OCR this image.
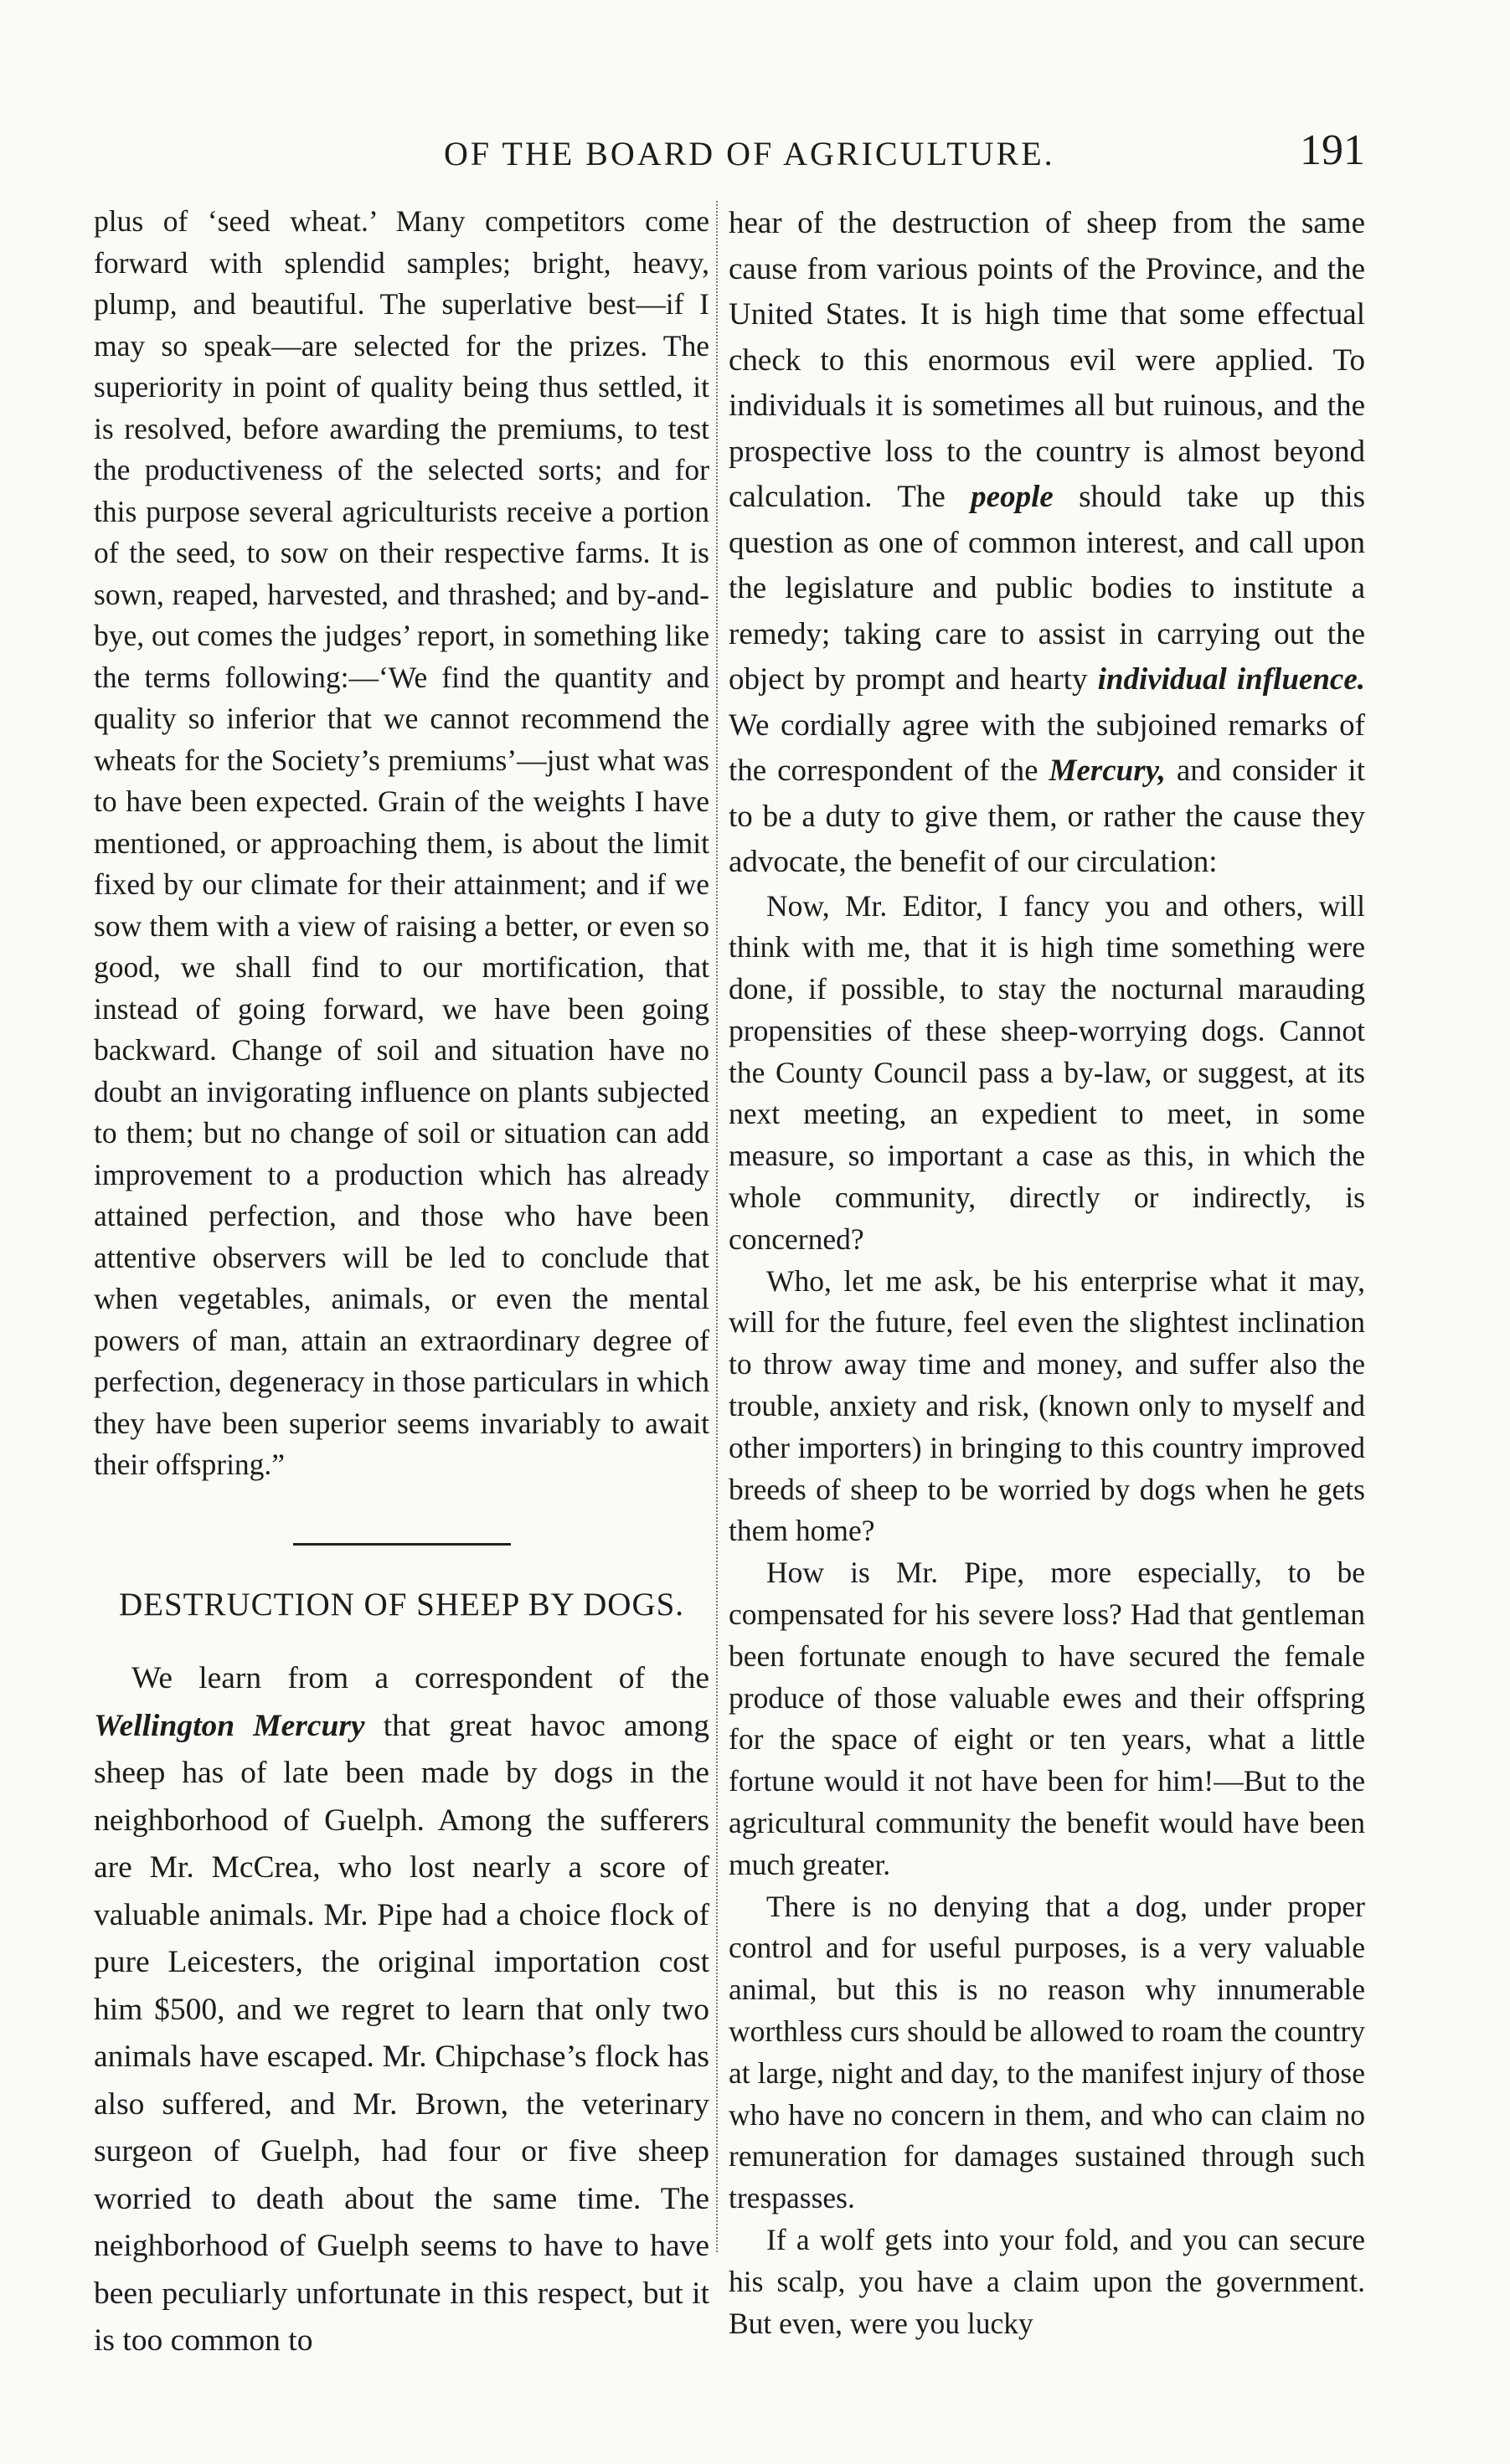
OF THE BOARD OF AGRICULTURE.	191

plus of ‘seed wheat.’ Many competitors come forward with splendid samples; bright, heavy, plump, and beautiful. The superlative best—if I may so speak—are selected for the prizes. The superiority in point of quality being thus settled, it is resolved, before awarding the premiums, to test the productiveness of the selected sorts; and for this purpose several agriculturists receive a portion of the seed, to sow on their respective farms. It is sown, reaped, harvested, and thrashed; and by-and-bye, out comes the judges’ report, in something like the terms following:—‘We find the quantity and quality so inferior that we cannot recommend the wheats for the Society’s premiums’—just what was to have been expected. Grain of the weights I have mentioned, or approaching them, is about the limit fixed by our climate for their attainment; and if we sow them with a view of raising a better, or even so good, we shall find to our mortification, that instead of going forward, we have been going backward. Change of soil and situation have no doubt an invigorating influence on plants subjected to them; but no change of soil or situation can add improvement to a production which has already attained perfection, and those who have been attentive observers will be led to conclude that when vegetables, animals, or even the mental powers of man, attain an extraordinary degree of perfection, degeneracy in those particulars in which they have been superior seems invariably to await their offspring.”

DESTRUCTION OF SHEEP BY DOGS.

We learn from a correspondent of the Wellington Mercury that great havoc among sheep has of late been made by dogs in the neighborhood of Guelph. Among the sufferers are Mr. McCrea, who lost nearly a score of valuable animals. Mr. Pipe had a choice flock of pure Leicesters, the original importation cost him $500, and we regret to learn that only two animals have escaped. Mr. Chipchase’s flock has also suffered, and Mr. Brown, the veterinary surgeon of Guelph, had four or five sheep worried to death about the same time. The neighborhood of Guelph seems to have to have been peculiarly unfortunate in this respect, but it is too common to

hear of the destruction of sheep from the same cause from various points of the Province, and the United States. It is high time that some effectual check to this enormous evil were applied. To individuals it is sometimes all but ruinous, and the prospective loss to the country is almost beyond calculation. The people should take up this question as one of common interest, and call upon the legislature and public bodies to institute a remedy; taking care to assist in carrying out the object by prompt and hearty individual influence. We cordially agree with the subjoined remarks of the correspondent of the Mercury, and consider it to be a duty to give them, or rather the cause they advocate, the benefit of our circulation:

Now, Mr. Editor, I fancy you and others, will think with me, that it is high time something were done, if possible, to stay the nocturnal marauding propensities of these sheep-worrying dogs. Cannot the County Council pass a by-law, or suggest, at its next meeting, an expedient to meet, in some measure, so important a case as this, in which the whole community, directly or indirectly, is concerned?

Who, let me ask, be his enterprise what it may, will for the future, feel even the slightest inclination to throw away time and money, and suffer also the trouble, anxiety and risk, (known only to myself and other importers) in bringing to this country improved breeds of sheep to be worried by dogs when he gets them home?

How is Mr. Pipe, more especially, to be compensated for his severe loss? Had that gentleman been fortunate enough to have secured the female produce of those valuable ewes and their offspring for the space of eight or ten years, what a little fortune would it not have been for him!—But to the agricultural community the benefit would have been much greater.

There is no denying that a dog, under proper control and for useful purposes, is a very valuable animal, but this is no reason why innumerable worthless curs should be allowed to roam the country at large, night and day, to the manifest injury of those who have no concern in them, and who can claim no remuneration for damages sustained through such trespasses.

If a wolf gets into your fold, and you can secure his scalp, you have a claim upon the government. But even, were you lucky
